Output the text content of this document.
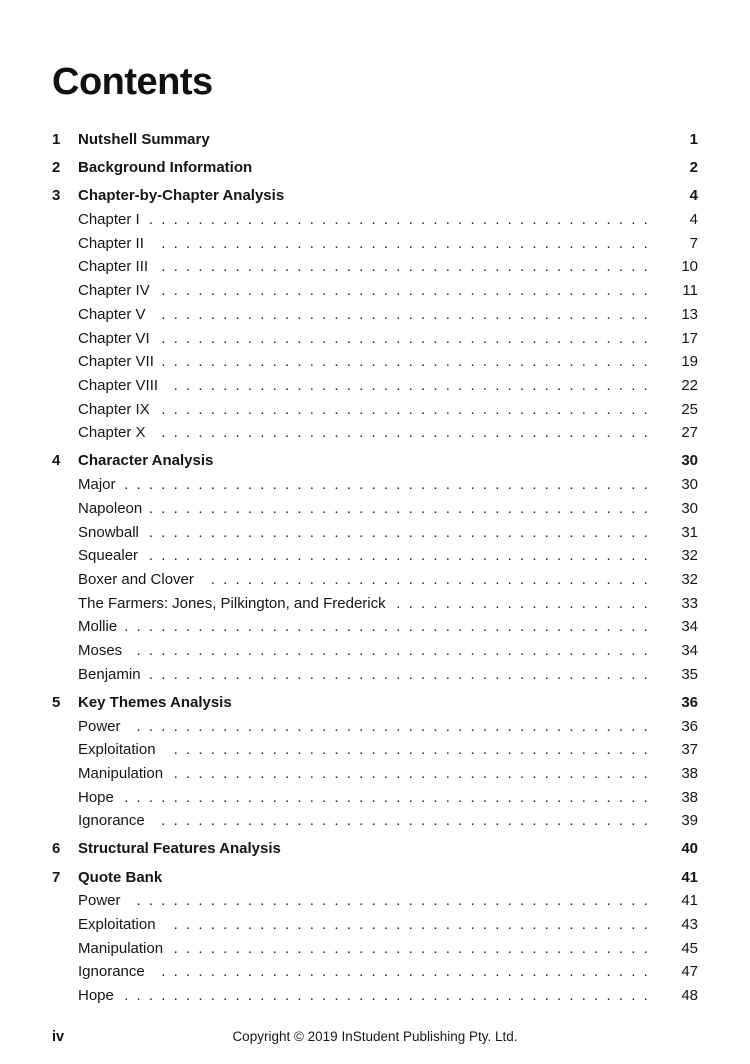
Contents
1	Nutshell Summary	1
2	Background Information	2
3	Chapter-by-Chapter Analysis	4
Chapter I .....	4
Chapter II .....	7
Chapter III .....	10
Chapter IV .....	11
Chapter V .....	13
Chapter VI .....	17
Chapter VII .....	19
Chapter VIII .....	22
Chapter IX .....	25
Chapter X .....	27
4	Character Analysis	30
Major .....	30
Napoleon .....	30
Snowball .....	31
Squealer .....	32
Boxer and Clover .....	32
The Farmers: Jones, Pilkington, and Frederick .....	33
Mollie .....	34
Moses .....	34
Benjamin .....	35
5	Key Themes Analysis	36
Power .....	36
Exploitation .....	37
Manipulation .....	38
Hope .....	38
Ignorance .....	39
6	Structural Features Analysis	40
7	Quote Bank	41
Power .....	41
Exploitation .....	43
Manipulation .....	45
Ignorance .....	47
Hope .....	48
iv	Copyright © 2019 InStudent Publishing Pty. Ltd.
